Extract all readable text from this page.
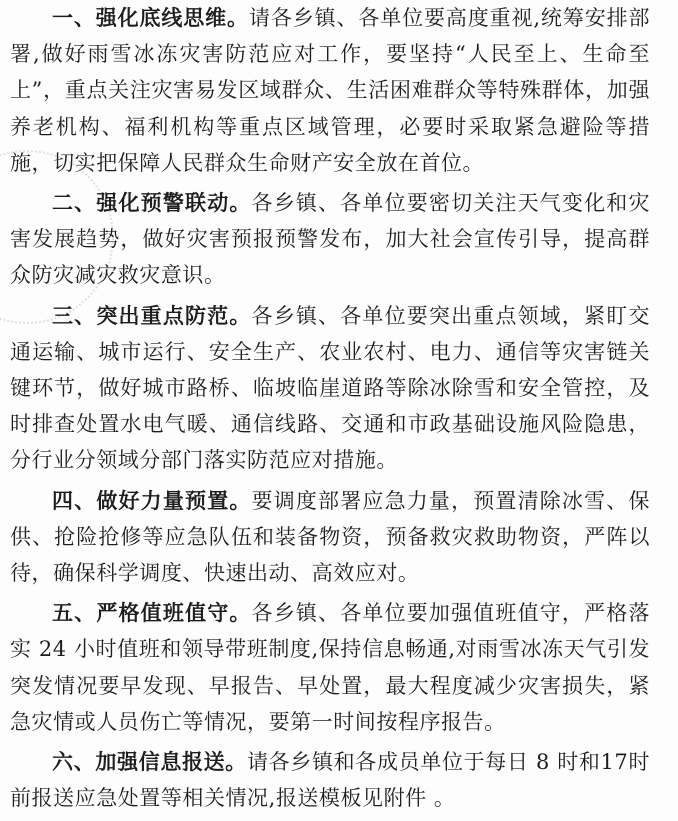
一、强化底线思维。请各乡镇、各单位要高度重视,统筹安排部署,做好雨雪冰冻灾害防范应对工作，要坚持“人民至上、生命至上”，重点关注灾害易发区域群众、生活困难群众等特殊群体，加强养老机构、福利机构等重点区域管理，必要时采取紧急避险等措施，切实把保障人民群众生命财产安全放在首位。

二、强化预警联动。各乡镇、各单位要密切关注天气变化和灾害发展趋势，做好灾害预报预警发布，加大社会宣传引导，提高群众防灾减灾救灾意识。

三、突出重点防范。各乡镇、各单位要突出重点领域，紧盯交通运输、城市运行、安全生产、农业农村、电力、通信等灾害链关键环节，做好城市路桥、临坡临崖道路等除冰除雪和安全管控，及时排查处置水电气暖、通信线路、交通和市政基础设施风险隐患，分行业分领域分部门落实防范应对措施。

四、做好力量预置。要调度部署应急力量，预置清除冰雪、保供、抢险抢修等应急队伍和装备物资，预备救灾救助物资，严阵以待，确保科学调度、快速出动、高效应对。

五、严格值班值守。各乡镇、各单位要加强值班值守，严格落实 24 小时值班和领导带班制度,保持信息畅通,对雨雪冰冻天气引发突发情况要早发现、早报告、早处置，最大程度减少灾害损失，紧急灾情或人员伤亡等情况，要第一时间按程序报告。

六、加强信息报送。请各乡镇和各成员单位于每日 8 时和17时前报送应急处置等相关情况,报送模板见附件 。
